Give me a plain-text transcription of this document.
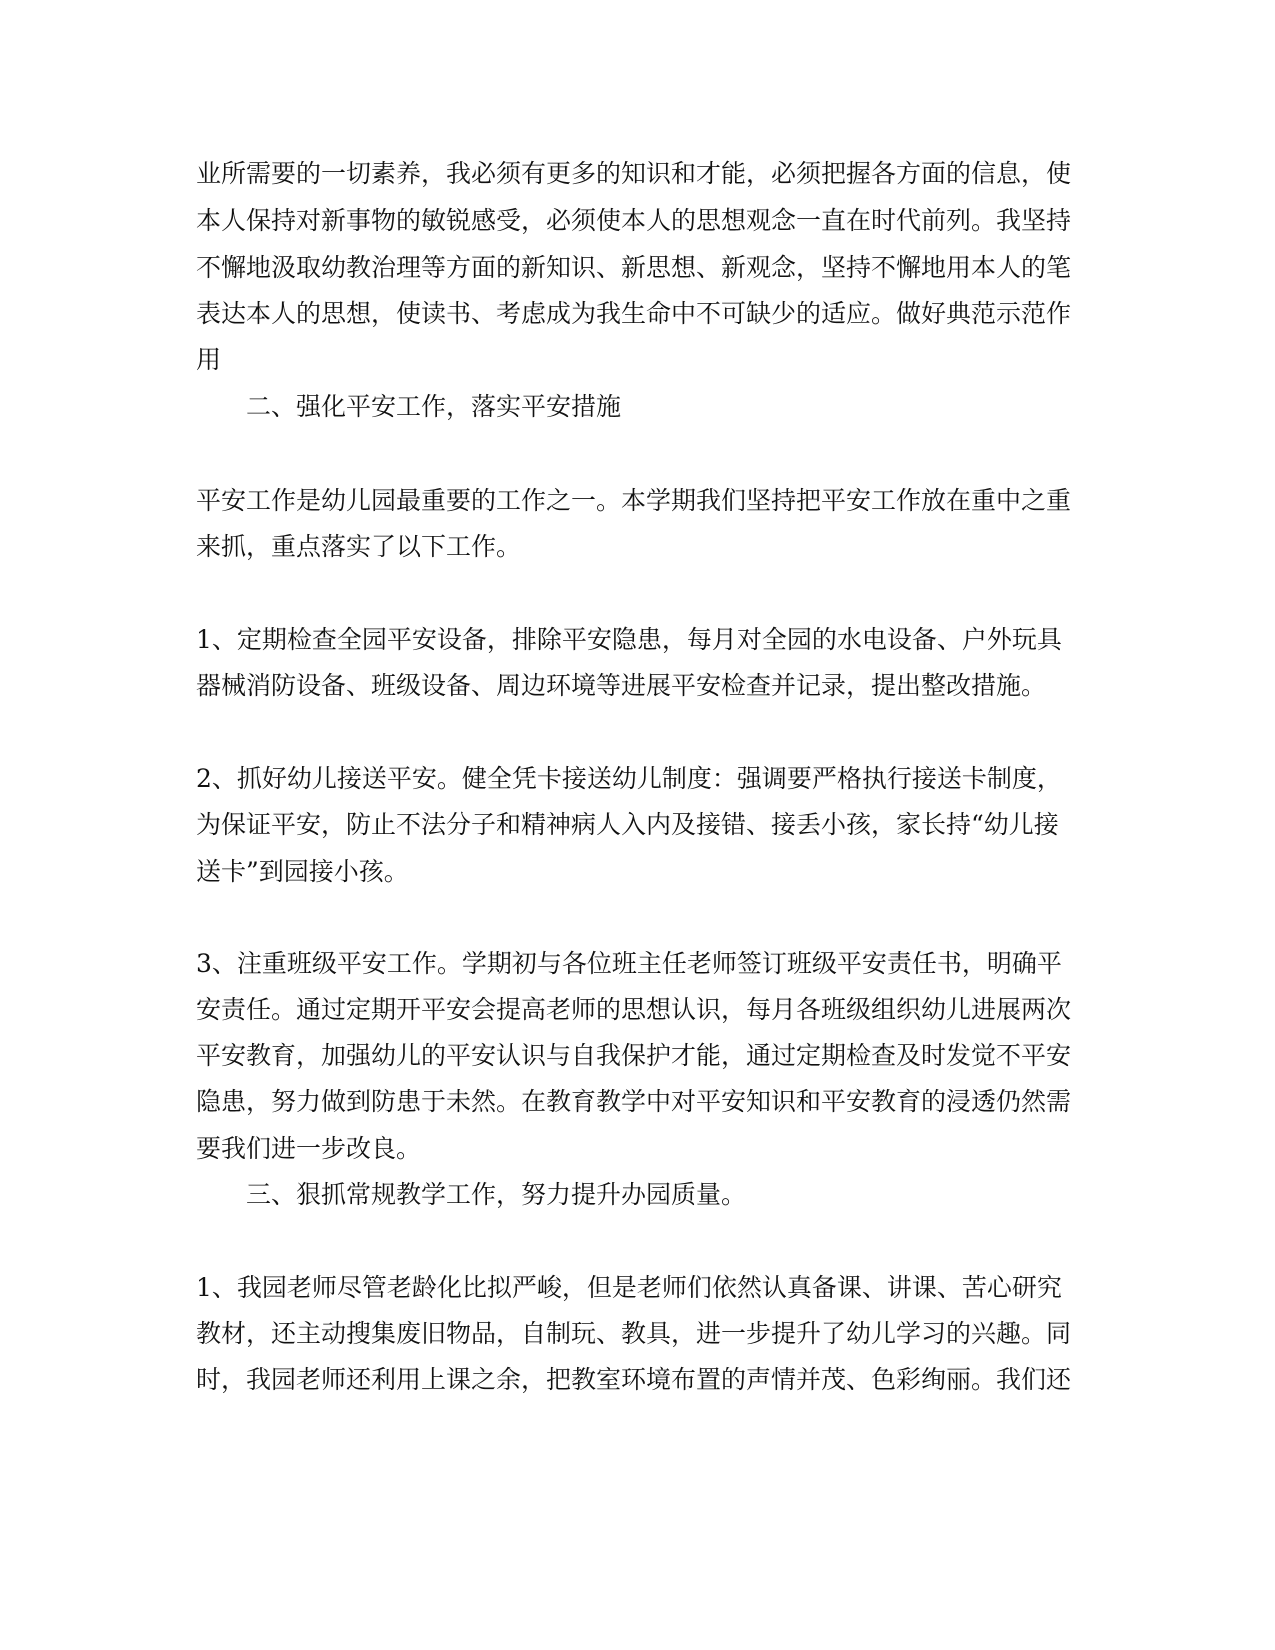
业所需要的一切素养，我必须有更多的知识和才能，必须把握各方面的信息，使

本人保持对新事物的敏锐感受，必须使本人的思想观念一直在时代前列。我坚持

不懈地汲取幼教治理等方面的新知识、新思想、新观念，坚持不懈地用本人的笔

表达本人的思想，使读书、考虑成为我生命中不可缺少的适应。做好典范示范作

用

二、强化平安工作，落实平安措施

平安工作是幼儿园最重要的工作之一。本学期我们坚持把平安工作放在重中之重

来抓，重点落实了以下工作。

1、定期检查全园平安设备，排除平安隐患，每月对全园的水电设备、户外玩具

器械消防设备、班级设备、周边环境等进展平安检查并记录，提出整改措施。

2、抓好幼儿接送平安。健全凭卡接送幼儿制度：强调要严格执行接送卡制度，

为保证平安，防止不法分子和精神病人入内及接错、接丢小孩，家长持“幼儿接

送卡”到园接小孩。

3、注重班级平安工作。学期初与各位班主任老师签订班级平安责任书，明确平

安责任。通过定期开平安会提高老师的思想认识，每月各班级组织幼儿进展两次

平安教育，加强幼儿的平安认识与自我保护才能，通过定期检查及时发觉不平安

隐患，努力做到防患于未然。在教育教学中对平安知识和平安教育的浸透仍然需

要我们进一步改良。

三、狠抓常规教学工作，努力提升办园质量。

1、我园老师尽管老龄化比拟严峻，但是老师们依然认真备课、讲课、苦心研究

教材，还主动搜集废旧物品，自制玩、教具，进一步提升了幼儿学习的兴趣。同

时，我园老师还利用上课之余，把教室环境布置的声情并茂、色彩绚丽。我们还
